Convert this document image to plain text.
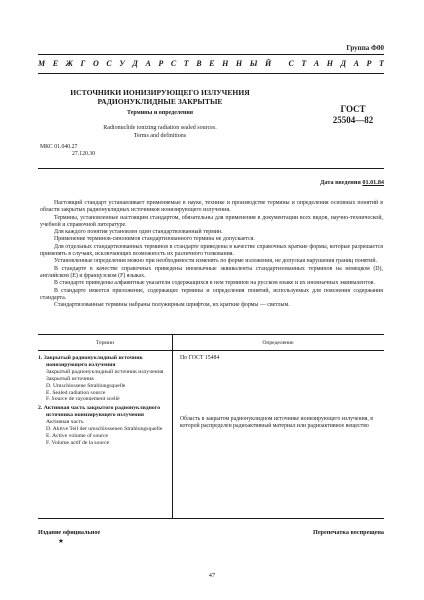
Группа Ф00
М Е Ж Г О С У Д А Р С Т В Е Н Н Ы Й
С Т А Н Д А Р Т
ИСТОЧНИКИ ИОНИЗИРУЮЩЕГО ИЗЛУЧЕНИЯ
РАДИОНУКЛИДНЫЕ ЗАКРЫТЫЕ
Термины и определения
Radionuclide ionizing radiation sealed sources.
Terms and definitions
ГОСТ
25504—82
МКС 01.040.27
27.120.30
Дата введения 01.01.84

Настоящий стандарт устанавливает применяемые в науке, технике и производстве термины и определения основных понятий в области закрытых радионуклидных источников ионизирующего излучения.

Термины, установленные настоящим стандартом, обязательны для применения в документации всех видов, научно-технической, учебной и справочной литературе.

Для каждого понятия установлен один стандартизованный термин.

Применение терминов-синонимов стандартизованного термина не допускается.

Для отдельных стандартизованных терминов в стандарте приведены в качестве справочных краткие формы, которые разрешается применять в случаях, исключающих возможность их различного толкования.

Установленные определения можно при необходимости изменять по форме изложения, не допуская нарушения границ понятий.

В стандарте в качестве справочных приведены иноязычные эквиваленты стандартизованных терминов на немецком (D), английском (E) и французском (F) языках.

В стандарте приведены алфавитные указатели содержащихся в нем терминов на русском языке и их иноязычных эквивалентов.

В стандарте имеется приложение, содержащее термины и определения понятий, используемых для пояснения содержания стандарта.

Стандартизованные термины набраны полужирным шрифтом, их краткие формы — светлым.

Термин	Определение
1. Закрытый радионуклидный источник ионизирующего излучения
Закрытый радионуклидный источник излучения
Закрытый источник
D. Umschlossene Strahlungsquelle
E. Sealed radiation source
F. Source de rayonnement scellé
2. Активная часть закрытого радионуклидного источника ионизирующего излучения
Активная часть
D. Aktive Teil der umschlossenen Strahlungsquelle
E. Active volume of source
F. Volume actif de la source
По ГОСТ 15484
Область в закрытом радионуклидном источнике ионизирующего излучения, в которой распределен радиоактивный материал или радиоактивное вещество
Издание официальное	Перепечатка воспрещена
★
47
